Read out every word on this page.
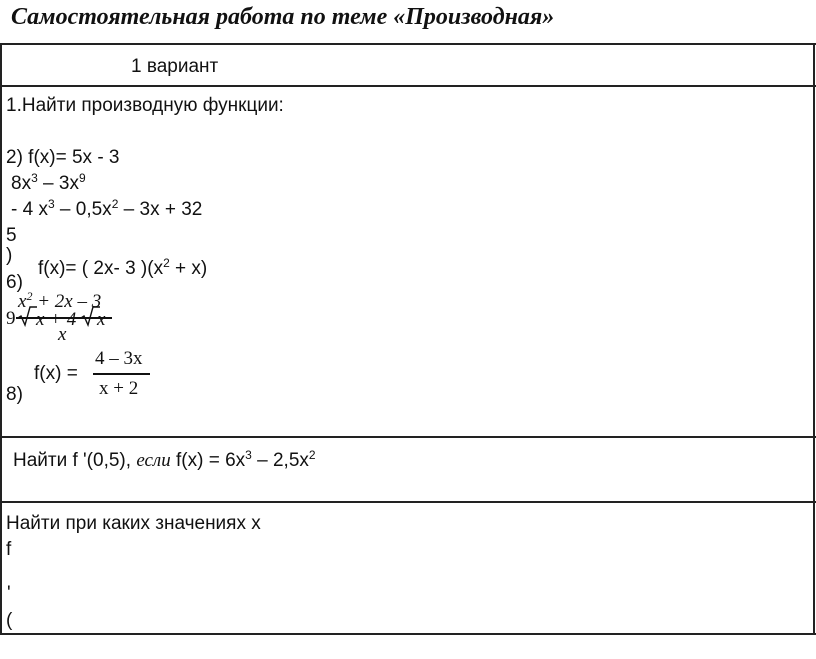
Самостоятельная работа по теме «Производная»
1 вариант
1.Найти производную функции:
2) f(x)= 5x - 3
$8x^3 - 3x^9$
- 4 $x^3 - 0,5x^2 - 3x + 32$
5
)
6)
f(x)= ( 2x- 3 )$(x^2 + x)$
$x^2 + 2x - 3$
x
9 x + 4 x
8)
f(x) =
4 – 3x
x + 2
Найти f '(0,5), если $f(x) = 6x^3 - 2,5x^2$
Найти при каких значениях x
f
'
(
